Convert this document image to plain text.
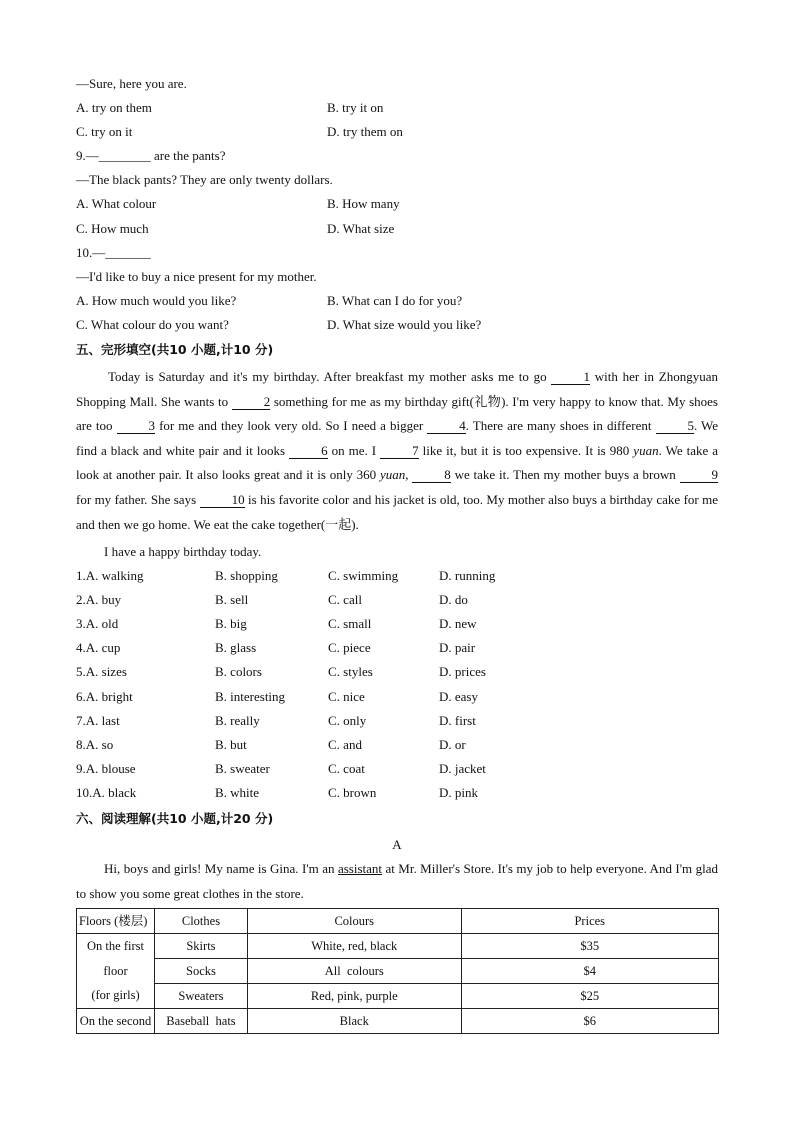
—Sure, here you are.
A. try on them	B. try it on
C. try on it	D. try them on
9.—________ are the pants?
—The black pants? They are only twenty dollars.
A. What colour	B. How many
C. How much	D. What size
10.—_______
—I'd like to buy a nice present for my mother.
A. How much would you like?	B. What can I do for you?
C. What colour do you want?	D. What size would you like?
五、完形填空(共10 小题,计10 分)
Today is Saturday and it's my birthday. After breakfast my mother asks me to go	1 with her in Zhongyuan Shopping Mall. She wants to	2 something for me as my birthday gift(礼物). I'm very happy to know that. My shoes are too	3 for me and they look very old. So I need a bigger	4. There are many shoes in different	5. We find a black and white pair and it looks	6 on me. I	7 like it, but it is too expensive. It is 980 yuan. We take a look at another pair. It also looks great and it is only 360 yuan,	8 we take it. Then my mother buys a brown	9 for my father. She says	10 is his favorite color and his jacket is old, too. My mother also buys a birthday cake for me and then we go home. We eat the cake together(一起).
I have a happy birthday today.
1.A. walking	B. shopping	C. swimming	D. running
2.A. buy	B. sell	C. call	D. do
3.A. old	B. big	C. small	D. new
4.A. cup	B. glass	C. piece	D. pair
5.A. sizes	B. colors	C. styles	D. prices
6.A. bright	B. interesting	C. nice	D. easy
7.A. last	B. really	C. only	D. first
8.A. so	B. but	C. and	D. or
9.A. blouse	B. sweater	C. coat	D. jacket
10.A. black	B. white	C. brown	D. pink
六、阅读理解(共10 小题,计20 分)
A
Hi, boys and girls! My name is Gina. I'm an assistant at Mr. Miller's Store. It's my job to help everyone. And I'm glad to show you some great clothes in the store.
Floors (楼层)	Clothes	Colours	Prices

On the first
floor
(for girls)	Skirts	White, red, black	$35
	Socks	All  colours	$4
	Sweaters	Red, pink, purple	$25
On the second	Baseball  hats	Black	$6
